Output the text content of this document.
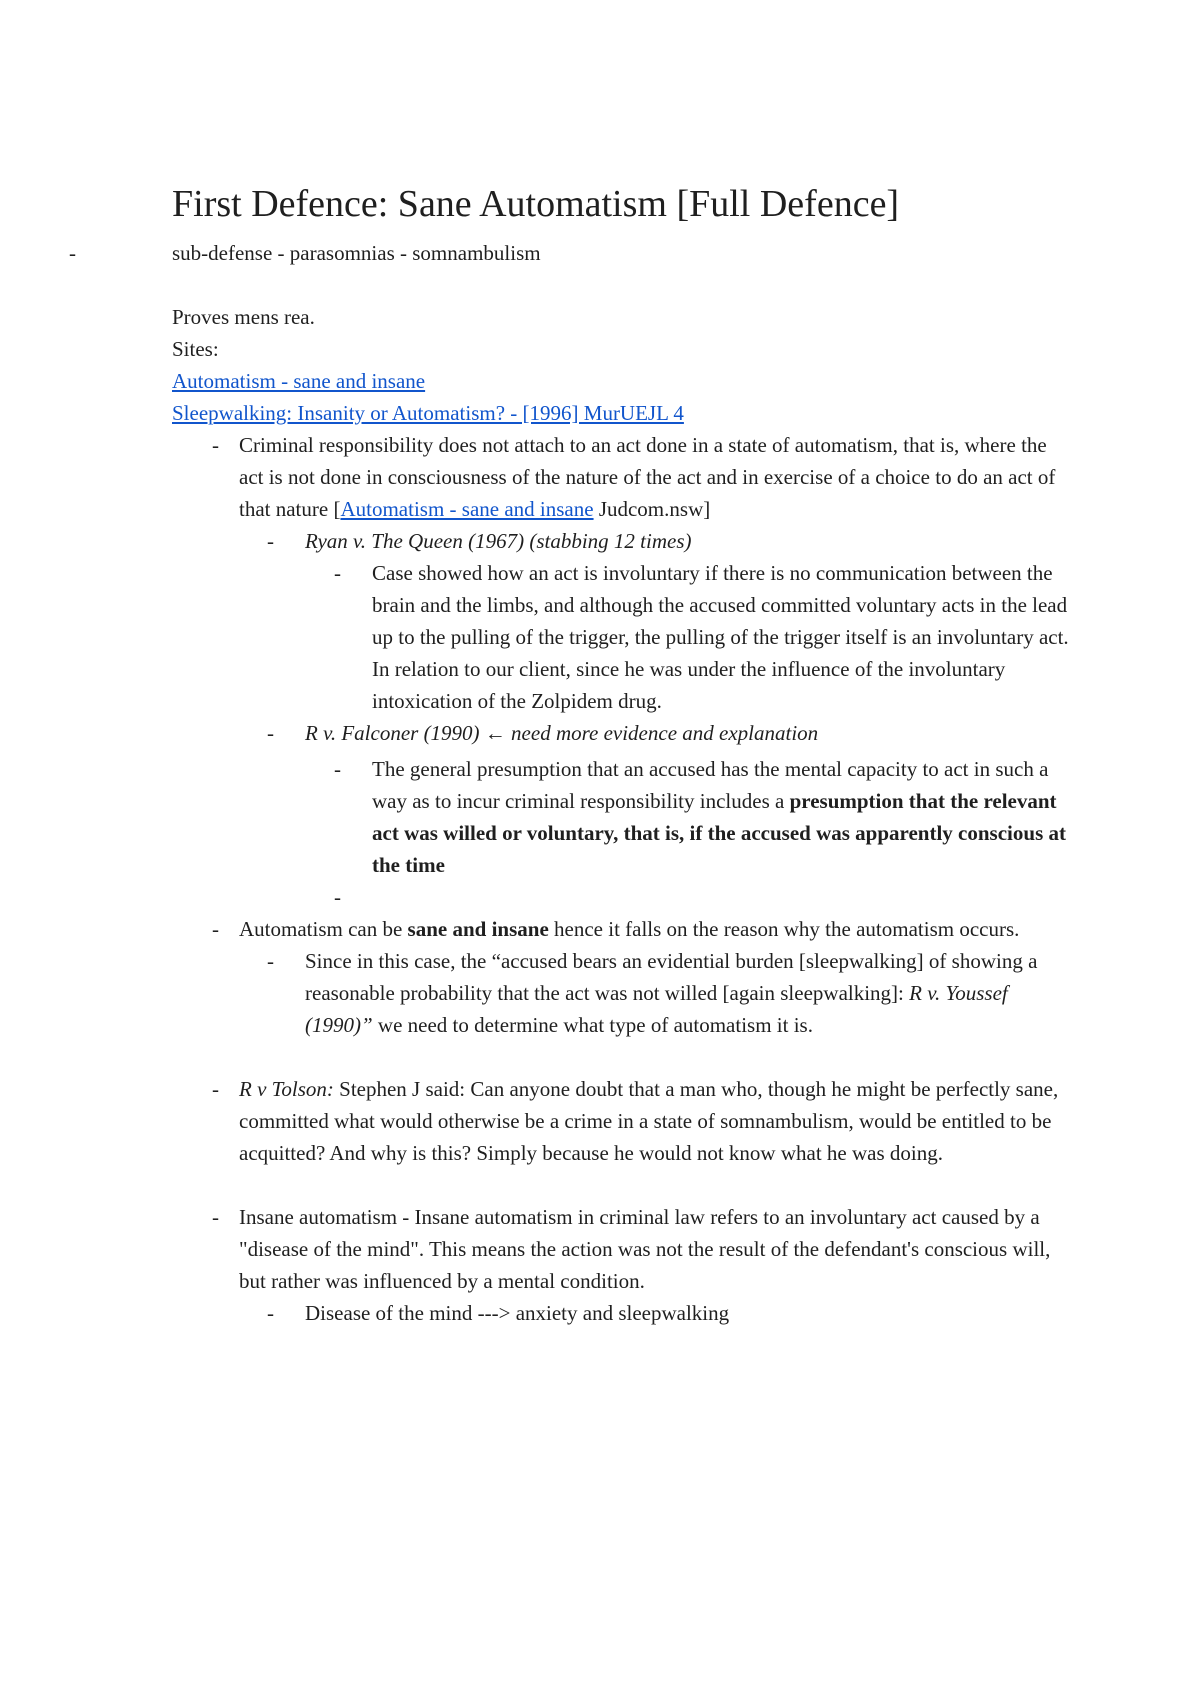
First Defence: Sane Automatism [Full Defence]
- sub-defense - parasomnias - somnambulism

Proves mens rea.

Sites:

Automatism - sane and insane

Sleepwalking: Insanity or Automatism? - [1996] MurUEJL 4

- Criminal responsibility does not attach to an act done in a state of automatism, that is, where the act is not done in consciousness of the nature of the act and in exercise of a choice to do an act of that nature [Automatism - sane and insane Judcom.nsw]
- Ryan v. The Queen (1967) (stabbing 12 times)
- Case showed how an act is involuntary if there is no communication between the brain and the limbs, and although the accused committed voluntary acts in the lead up to the pulling of the trigger, the pulling of the trigger itself is an involuntary act. In relation to our client, since he was under the influence of the involuntary intoxication of the Zolpidem drug.
- R v. Falconer (1990) ← need more evidence and explanation
- The general presumption that an accused has the mental capacity to act in such a way as to incur criminal responsibility includes a presumption that the relevant act was willed or voluntary, that is, if the accused was apparently conscious at the time
-
- Automatism can be sane and insane hence it falls on the reason why the automatism occurs.
- Since in this case, the “accused bears an evidential burden [sleepwalking] of showing a reasonable probability that the act was not willed [again sleepwalking]: R v. Youssef (1990)” we need to determine what type of automatism it is.
- R v Tolson: Stephen J said: Can anyone doubt that a man who, though he might be perfectly sane, committed what would otherwise be a crime in a state of somnambulism, would be entitled to be acquitted? And why is this? Simply because he would not know what he was doing.
- Insane automatism - Insane automatism in criminal law refers to an involuntary act caused by a "disease of the mind". This means the action was not the result of the defendant's conscious will, but rather was influenced by a mental condition.
- Disease of the mind ---> anxiety and sleepwalking
